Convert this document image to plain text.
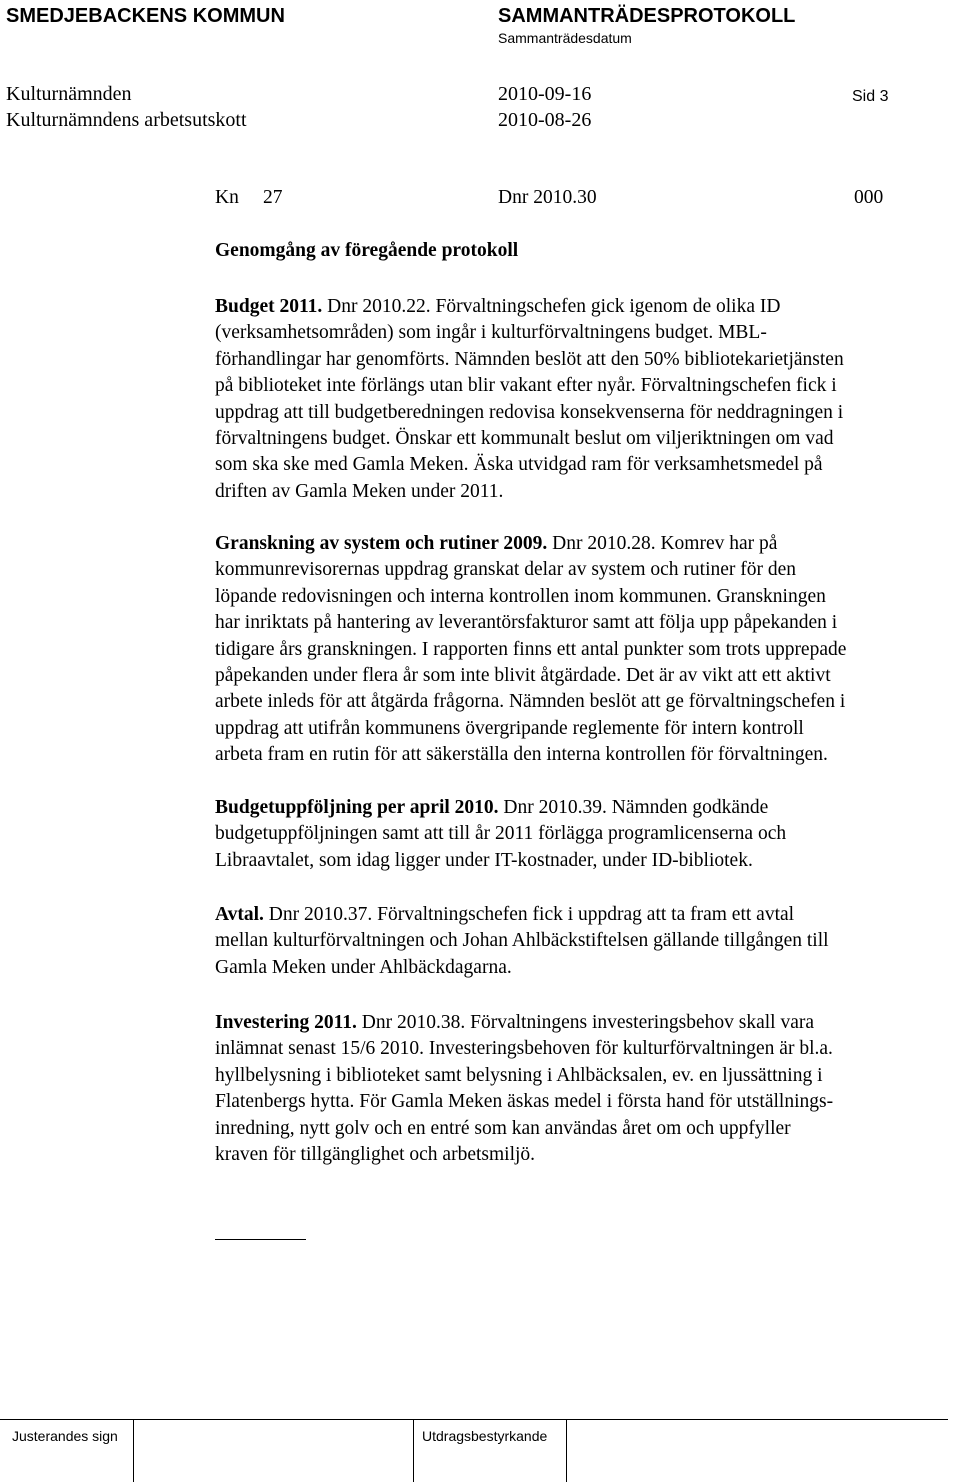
SMEDJEBACKENS KOMMUN	SAMMANTRÄDESPROTOKOLL
Sammanträdesdatum
Kulturnämnden	2010-09-16	Sid 3
Kulturnämndens arbetsutskott	2010-08-26
Kn 27	Dnr 2010.30	000
Genomgång av föregående protokoll
Budget 2011. Dnr 2010.22. Förvaltningschefen gick igenom de olika ID
(verksamhetsområden) som ingår i kulturförvaltningens budget. MBL-
förhandlingar har genomförts. Nämnden beslöt att den 50% bibliotekarietjänsten
på biblioteket inte förlängs utan blir vakant efter nyår. Förvaltningschefen fick i
uppdrag att till budgetberedningen redovisa konsekvenserna för neddragningen i
förvaltningens budget. Önskar ett kommunalt beslut om viljeriktningen om vad
som ska ske med Gamla Meken. Äska utvidgad ram för verksamhetsmedel på
driften av Gamla Meken under 2011.
Granskning av system och rutiner 2009. Dnr 2010.28. Komrev har på
kommunrevisorernas uppdrag granskat delar av system och rutiner för den
löpande redovisningen och interna kontrollen inom kommunen. Granskningen
har inriktats på hantering av leverantörsfakturor samt att följa upp påpekanden i
tidigare års granskningen. I rapporten finns ett antal punkter som trots upprepade
påpekanden under flera år som inte blivit åtgärdade. Det är av vikt att ett aktivt
arbete inleds för att åtgärda frågorna. Nämnden beslöt att ge förvaltningschefen i
uppdrag att utifrån kommunens övergripande reglemente för intern kontroll
arbeta fram en rutin för att säkerställa den interna kontrollen för förvaltningen.
Budgetuppföljning per april 2010. Dnr 2010.39. Nämnden godkände
budgetuppföljningen samt att till år 2011 förlägga programlicenserna och
Libraavtalet, som idag ligger under IT-kostnader, under ID-bibliotek.
Avtal. Dnr 2010.37. Förvaltningschefen fick i uppdrag att ta fram ett avtal
mellan kulturförvaltningen och Johan Ahlbäckstiftelsen gällande tillgången till
Gamla Meken under Ahlbäckdagarna.
Investering 2011. Dnr 2010.38. Förvaltningens investeringsbehov skall vara
inlämnat senast 15/6 2010. Investeringsbehoven för kulturförvaltningen är bl.a.
hyllbelysning i biblioteket samt belysning i Ahlbäcksalen, ev. en ljussättning i
Flatenbergs hytta. För Gamla Meken äskas medel i första hand för utställnings-
inredning, nytt golv och en entré som kan användas året om och uppfyller
kraven för tillgänglighet och arbetsmiljö.
Justerandes sign	Utdragsbestyrkande
